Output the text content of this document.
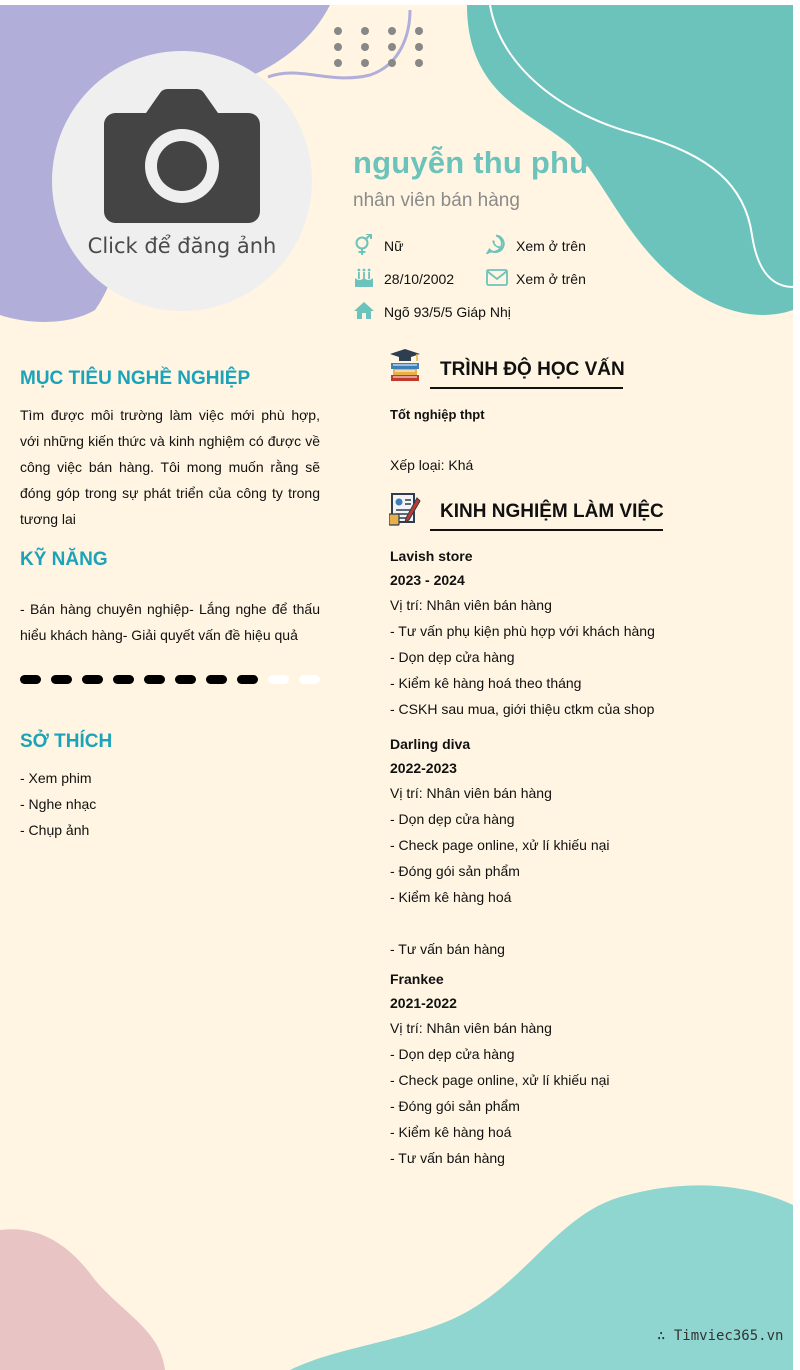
Click để đăng ảnh
nguyễn thu phương
nhân viên bán hàng
Nữ	Xem ở trên
28/10/2002	Xem ở trên
Ngõ 93/5/5 Giáp Nhị
MỤC TIÊU NGHỀ NGHIỆP
Tìm được môi trường làm việc mới phù hợp, với những kiến thức và kinh nghiệm có được về công việc bán hàng. Tôi mong muốn rằng sẽ đóng góp trong sự phát triển của công ty trong tương lai
KỸ NĂNG
- Bán hàng chuyên nghiệp- Lắng nghe để thấu hiểu khách hàng- Giải quyết vấn đề hiệu quả
SỞ THÍCH
- Xem phim
- Nghe nhạc
- Chụp ảnh
TRÌNH ĐỘ HỌC VẤN
Tốt nghiệp thpt
Xếp loại: Khá
KINH NGHIỆM LÀM VIỆC
Lavish store
2023 - 2024
Vị trí: Nhân viên bán hàng
- Tư vấn phụ kiện phù hợp với khách hàng
- Dọn dẹp cửa hàng
- Kiểm kê hàng hoá theo tháng
- CSKH sau mua, giới thiệu ctkm của shop
Darling diva
2022-2023
Vị trí: Nhân viên bán hàng
- Dọn dẹp cửa hàng
- Check page online, xử lí khiếu nại
- Đóng gói sản phẩm
- Kiểm kê hàng hoá
- Tư vấn bán hàng
Frankee
2021-2022
Vị trí: Nhân viên bán hàng
- Dọn dẹp cửa hàng
- Check page online, xử lí khiếu nại
- Đóng gói sản phẩm
- Kiểm kê hàng hoá
- Tư vấn bán hàng
∴ Timviec365.vn
